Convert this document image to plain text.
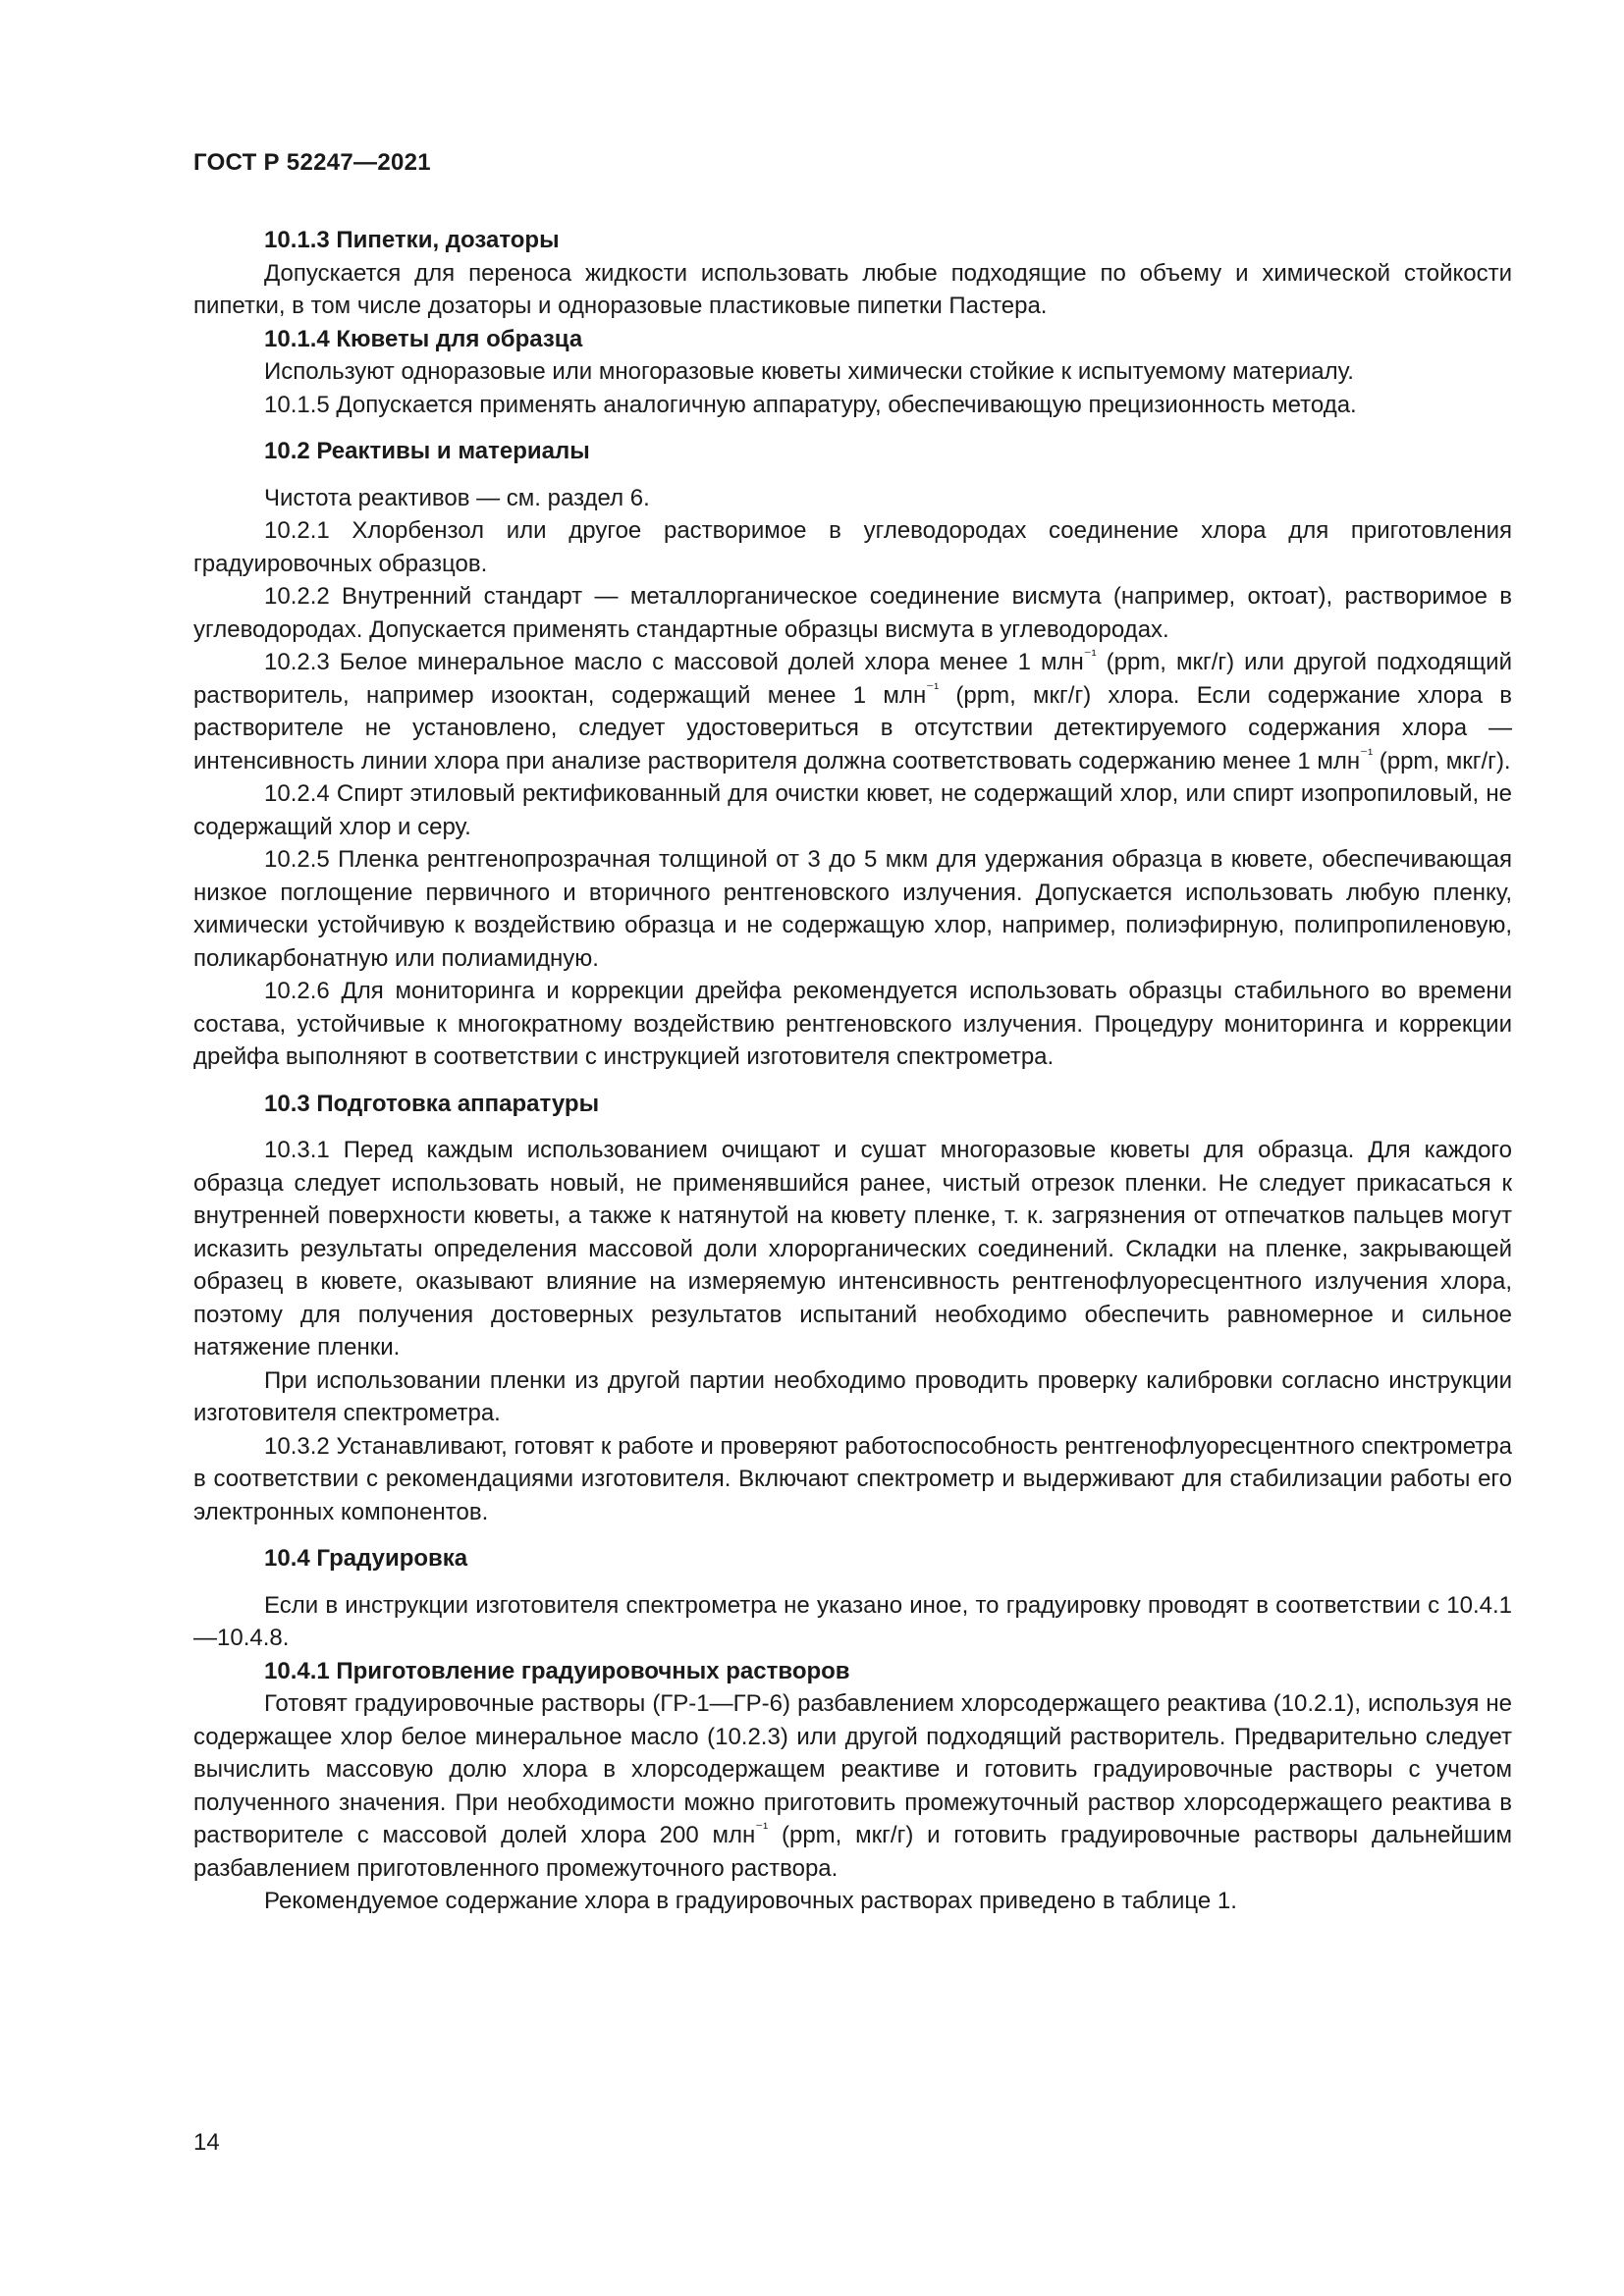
ГОСТ Р 52247—2021

10.1.3 Пипетки, дозаторы

Допускается для переноса жидкости использовать любые подходящие по объему и химической стойкости пипетки, в том числе дозаторы и одноразовые пластиковые пипетки Пастера.

10.1.4 Кюветы для образца

Используют одноразовые или многоразовые кюветы химически стойкие к испытуемому материалу.

10.1.5 Допускается применять аналогичную аппаратуру, обеспечивающую прецизионность метода.

10.2 Реактивы и материалы

Чистота реактивов — см. раздел 6.

10.2.1 Хлорбензол или другое растворимое в углеводородах соединение хлора для приготовления градуировочных образцов.

10.2.2 Внутренний стандарт — металлорганическое соединение висмута (например, октоат), растворимое в углеводородах. Допускается применять стандартные образцы висмута в углеводородах.

10.2.3 Белое минеральное масло с массовой долей хлора менее 1 млн$^{^{-1}}$ (ppm, мкг/г) или другой подходящий растворитель, например изооктан, содержащий менее 1 млн$^{^{-1}}$ (ppm, мкг/г) хлора. Если содержание хлора в растворителе не установлено, следует удостовериться в отсутствии детектируемого содержания хлора — интенсивность линии хлора при анализе растворителя должна соответствовать содержанию менее 1 млн$^{^{-1}}$ (ppm, мкг/г).

10.2.4 Спирт этиловый ректификованный для очистки кювет, не содержащий хлор, или спирт изопропиловый, не содержащий хлор и серу.

10.2.5 Пленка рентгенопрозрачная толщиной от 3 до 5 мкм для удержания образца в кювете, обеспечивающая низкое поглощение первичного и вторичного рентгеновского излучения. Допускается использовать любую пленку, химически устойчивую к воздействию образца и не содержащую хлор, например, полиэфирную, полипропиленовую, поликарбонатную или полиамидную.

10.2.6 Для мониторинга и коррекции дрейфа рекомендуется использовать образцы стабильного во времени состава, устойчивые к многократному воздействию рентгеновского излучения. Процедуру мониторинга и коррекции дрейфа выполняют в соответствии с инструкцией изготовителя спектрометра.

10.3 Подготовка аппаратуры

10.3.1 Перед каждым использованием очищают и сушат многоразовые кюветы для образца. Для каждого образца следует использовать новый, не применявшийся ранее, чистый отрезок пленки. Не следует прикасаться к внутренней поверхности кюветы, а также к натянутой на кювету пленке, т. к. загрязнения от отпечатков пальцев могут исказить результаты определения массовой доли хлорорганических соединений. Складки на пленке, закрывающей образец в кювете, оказывают влияние на измеряемую интенсивность рентгенофлуоресцентного излучения хлора, поэтому для получения достоверных результатов испытаний необходимо обеспечить равномерное и сильное натяжение пленки.

При использовании пленки из другой партии необходимо проводить проверку калибровки согласно инструкции изготовителя спектрометра.

10.3.2 Устанавливают, готовят к работе и проверяют работоспособность рентгенофлуоресцентного спектрометра в соответствии с рекомендациями изготовителя. Включают спектрометр и выдерживают для стабилизации работы его электронных компонентов.

10.4 Градуировка

Если в инструкции изготовителя спектрометра не указано иное, то градуировку проводят в соответствии с 10.4.1—10.4.8.

10.4.1 Приготовление градуировочных растворов

Готовят градуировочные растворы (ГР-1—ГР-6) разбавлением хлорсодержащего реактива (10.2.1), используя не содержащее хлор белое минеральное масло (10.2.3) или другой подходящий растворитель. Предварительно следует вычислить массовую долю хлора в хлорсодержащем реактиве и готовить градуировочные растворы с учетом полученного значения. При необходимости можно приготовить промежуточный раствор хлорсодержащего реактива в растворителе с массовой долей хлора 200 млн$^{^{-1}}$ (ppm, мкг/г) и готовить градуировочные растворы дальнейшим разбавлением приготовленного промежуточного раствора.

Рекомендуемое содержание хлора в градуировочных растворах приведено в таблице 1.

14
